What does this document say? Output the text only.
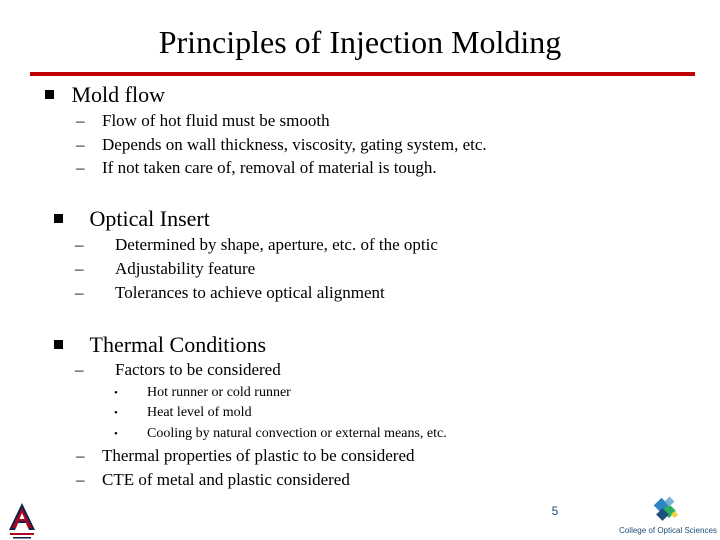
Principles of Injection Molding
Mold flow
– Flow of hot fluid must be smooth
– Depends on wall thickness, viscosity, gating system, etc.
– If not taken care of, removal of material is tough.
Optical Insert
– Determined by shape, aperture, etc. of the optic
– Adjustability feature
– Tolerances to achieve optical alignment
Thermal Conditions
– Factors to be considered
• Hot runner or cold runner
• Heat level of mold
• Cooling by natural convection or external means, etc.
– Thermal properties of plastic to be considered
– CTE of metal and plastic considered
5
College of Optical Sciences
